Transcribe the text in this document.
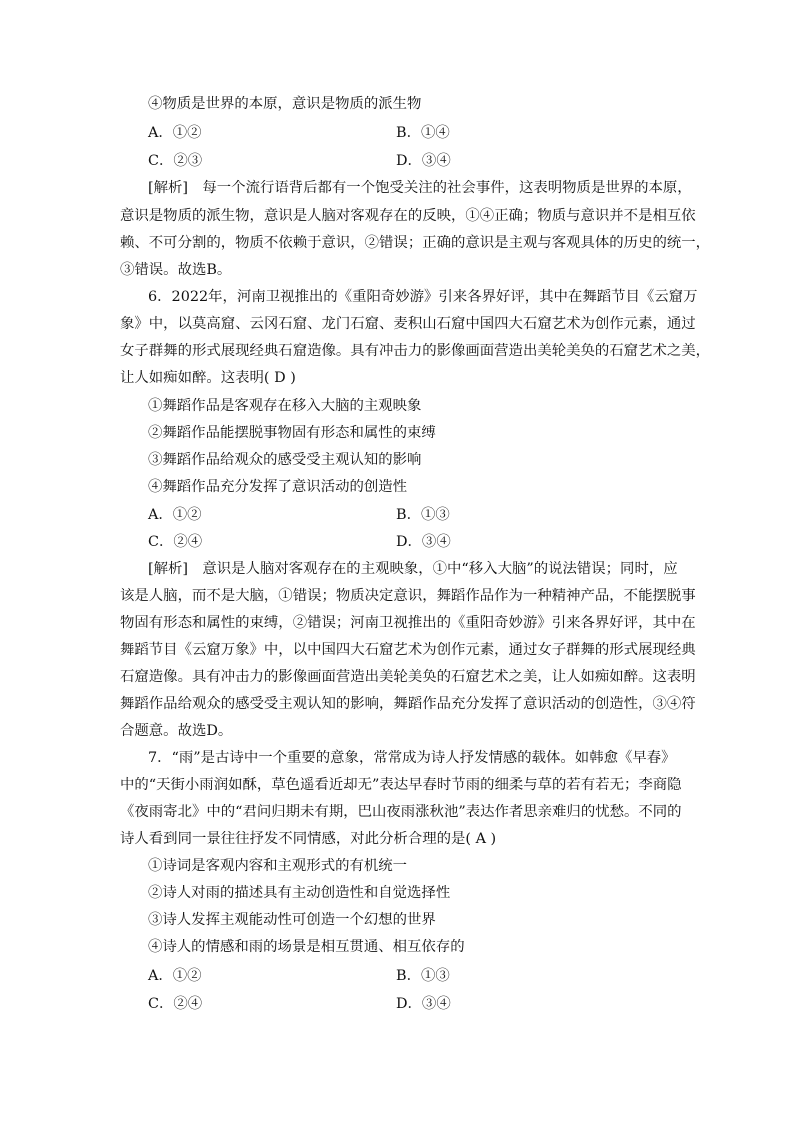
④物质是世界的本原，意识是物质的派生物
A．①②	B．①④
C．②③	D．③④
[解析]　每一个流行语背后都有一个饱受关注的社会事件，这表明物质是世界的本原，
意识是物质的派生物，意识是人脑对客观存在的反映，①④正确；物质与意识并不是相互依
赖、不可分割的，物质不依赖于意识，②错误；正确的意识是主观与客观具体的历史的统一，
③错误。故选B。
6．2022年，河南卫视推出的《重阳奇妙游》引来各界好评，其中在舞蹈节目《云窟万
象》中，以莫高窟、云冈石窟、龙门石窟、麦积山石窟中国四大石窟艺术为创作元素，通过
女子群舞的形式展现经典石窟造像。具有冲击力的影像画面营造出美轮美奂的石窟艺术之美，
让人如痴如醉。这表明( D )
①舞蹈作品是客观存在移入大脑的主观映象
②舞蹈作品能摆脱事物固有形态和属性的束缚
③舞蹈作品给观众的感受受主观认知的影响
④舞蹈作品充分发挥了意识活动的创造性
A．①②	B．①③
C．②④	D．③④
[解析]　意识是人脑对客观存在的主观映象，①中“移入大脑”的说法错误；同时，应
该是人脑，而不是大脑，①错误；物质决定意识，舞蹈作品作为一种精神产品，不能摆脱事
物固有形态和属性的束缚，②错误；河南卫视推出的《重阳奇妙游》引来各界好评，其中在
舞蹈节目《云窟万象》中，以中国四大石窟艺术为创作元素，通过女子群舞的形式展现经典
石窟造像。具有冲击力的影像画面营造出美轮美奂的石窟艺术之美，让人如痴如醉。这表明
舞蹈作品给观众的感受受主观认知的影响，舞蹈作品充分发挥了意识活动的创造性，③④符
合题意。故选D。
7．“雨”是古诗中一个重要的意象，常常成为诗人抒发情感的载体。如韩愈《早春》
中的“天街小雨润如酥，草色遥看近却无”表达早春时节雨的细柔与草的若有若无；李商隐
《夜雨寄北》中的“君问归期未有期，巴山夜雨涨秋池”表达作者思亲难归的忧愁。不同的
诗人看到同一景往往抒发不同情感，对此分析合理的是( A )
①诗词是客观内容和主观形式的有机统一
②诗人对雨的描述具有主动创造性和自觉选择性
③诗人发挥主观能动性可创造一个幻想的世界
④诗人的情感和雨的场景是相互贯通、相互依存的
A．①②	B．①③
C．②④	D．③④
